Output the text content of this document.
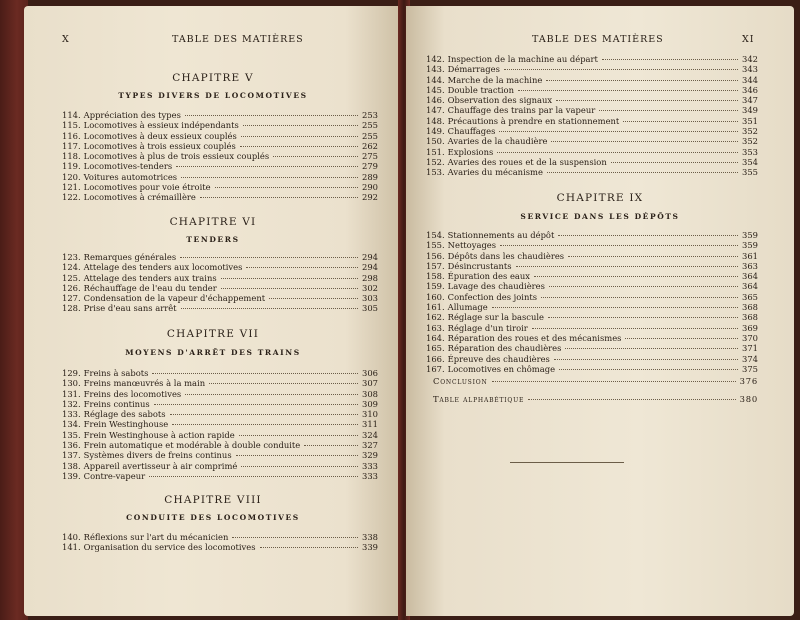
X	TABLE DES MATIÈRES
CHAPITRE V
TYPES DIVERS DE LOCOMOTIVES
114. Appréciation des types	253
115. Locomotives à essieux indépendants	255
116. Locomotives à deux essieux couplés	255
117. Locomotives à trois essieux couplés	262
118. Locomotives à plus de trois essieux couplés	275
119. Locomotives-tenders	279
120. Voitures automotrices	289
121. Locomotives pour voie étroite	290
122. Locomotives à crémaillère	292
CHAPITRE VI
TENDERS
123. Remarques générales	294
124. Attelage des tenders aux locomotives	294
125. Attelage des tenders aux trains	298
126. Réchauffage de l'eau du tender	302
127. Condensation de la vapeur d'échappement	303
128. Prise d'eau sans arrêt	305
CHAPITRE VII
MOYENS D'ARRÊT DES TRAINS
129. Freins à sabots	306
130. Freins manœuvrés à la main	307
131. Freins des locomotives	308
132. Freins continus	309
133. Réglage des sabots	310
134. Frein Westinghouse	311
135. Frein Westinghouse à action rapide	324
136. Frein automatique et modérable à double conduite	327
137. Systèmes divers de freins continus	329
138. Appareil avertisseur à air comprimé	333
139. Contre-vapeur	333
CHAPITRE VIII
CONDUITE DES LOCOMOTIVES
140. Réflexions sur l'art du mécanicien	338
141. Organisation du service des locomotives	339
TABLE DES MATIÈRES	XI
142. Inspection de la machine au départ	342
143. Démarrages	343
144. Marche de la machine	344
145. Double traction	346
146. Observation des signaux	347
147. Chauffage des trains par la vapeur	349
148. Précautions à prendre en stationnement	351
149. Chauffages	352
150. Avaries de la chaudière	352
151. Explosions	353
152. Avaries des roues et de la suspension	354
153. Avaries du mécanisme	355
CHAPITRE IX
SERVICE DANS LES DÉPÔTS
154. Stationnements au dépôt	359
155. Nettoyages	359
156. Dépôts dans les chaudières	361
157. Désincrustants	363
158. Épuration des eaux	364
159. Lavage des chaudières	364
160. Confection des joints	365
161. Allumage	368
162. Réglage sur la bascule	368
163. Réglage d'un tiroir	369
164. Réparation des roues et des mécanismes	370
165. Réparation des chaudières	371
166. Épreuve des chaudières	374
167. Locomotives en chômage	375
Conclusion	376
Table alphabétique	380
